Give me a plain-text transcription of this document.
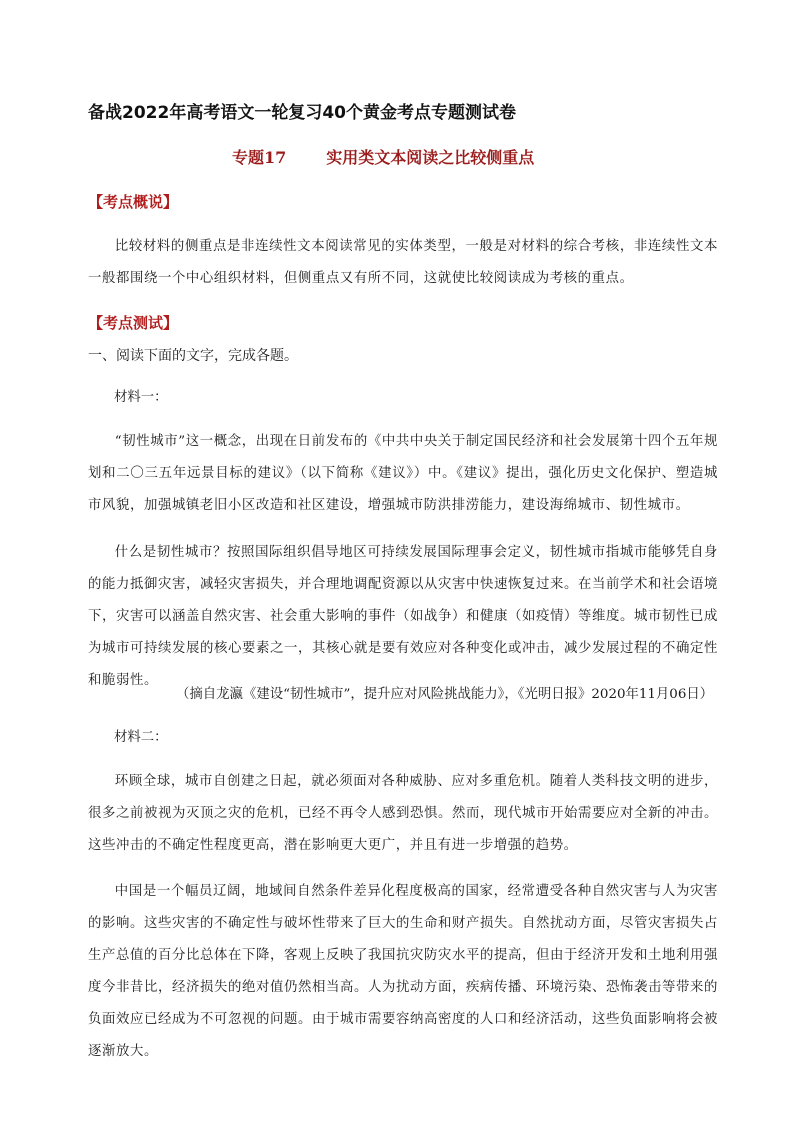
备战2022年高考语文一轮复习40个黄金考点专题测试卷
专题17	实用类文本阅读之比较侧重点
【考点概说】

比较材料的侧重点是非连续性文本阅读常见的实体类型，一般是对材料的综合考核，非连续性文本一般都围绕一个中心组织材料，但侧重点又有所不同，这就使比较阅读成为考核的重点。

【考点测试】
一、阅读下面的文字，完成各题。
材料一：

“韧性城市”这一概念，出现在日前发布的《中共中央关于制定国民经济和社会发展第十四个五年规划和二〇三五年远景目标的建议》（以下简称《建议》）中。《建议》提出，强化历史文化保护、塑造城市风貌，加强城镇老旧小区改造和社区建设，增强城市防洪排涝能力，建设海绵城市、韧性城市。

什么是韧性城市？按照国际组织倡导地区可持续发展国际理事会定义，韧性城市指城市能够凭自身的能力抵御灾害，减轻灾害损失，并合理地调配资源以从灾害中快速恢复过来。在当前学术和社会语境下，灾害可以涵盖自然灾害、社会重大影响的事件（如战争）和健康（如疫情）等维度。城市韧性已成为城市可持续发展的核心要素之一，其核心就是要有效应对各种变化或冲击，减少发展过程的不确定性和脆弱性。

（摘自龙瀛《建设“韧性城市”，提升应对风险挑战能力》，《光明日报》2020年11月06日）
材料二：

环顾全球，城市自创建之日起，就必须面对各种威胁、应对多重危机。随着人类科技文明的进步，很多之前被视为灭顶之灾的危机，已经不再令人感到恐惧。然而，现代城市开始需要应对全新的冲击。这些冲击的不确定性程度更高，潜在影响更大更广，并且有进一步增强的趋势。

中国是一个幅员辽阔，地域间自然条件差异化程度极高的国家，经常遭受各种自然灾害与人为灾害的影响。这些灾害的不确定性与破坏性带来了巨大的生命和财产损失。自然扰动方面，尽管灾害损失占生产总值的百分比总体在下降，客观上反映了我国抗灾防灾水平的提高，但由于经济开发和土地利用强度今非昔比，经济损失的绝对值仍然相当高。人为扰动方面，疾病传播、环境污染、恐怖袭击等带来的负面效应已经成为不可忽视的问题。由于城市需要容纳高密度的人口和经济活动，这些负面影响将会被逐渐放大。
